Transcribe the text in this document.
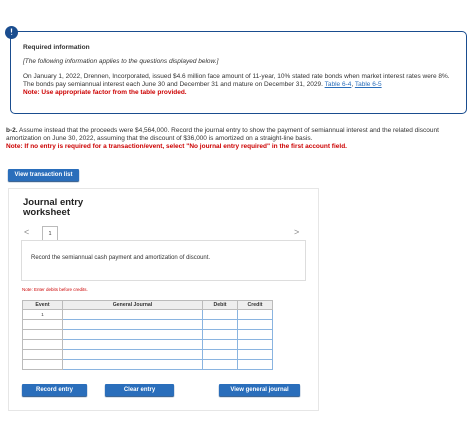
!

Required information

[The following information applies to the questions displayed below.]

On January 1, 2022, Drennen, Incorporated, issued $4.6 million face amount of 11-year, 10% stated rate bonds when market interest rates were 8%. The bonds pay semiannual interest each June 30 and December 31 and mature on December 31, 2029. Table 6-4, Table 6-5

Note: Use appropriate factor from the table provided.

b-2. Assume instead that the proceeds were $4,564,000. Record the journal entry to show the payment of semiannual interest and the related discount amortization on June 30, 2022, assuming that the discount of $36,000 is amortized on a straight-line basis.

Note: If no entry is required for a transaction/event, select "No journal entry required" in the first account field.

View transaction list

Journal entry
worksheet

<	1	>
Record the semiannual cash payment and amortization of discount.
Note: Enter debits before credits.
Event	General Journal	Debit	Credit
1			

Record entry	Clear entry	View general journal
